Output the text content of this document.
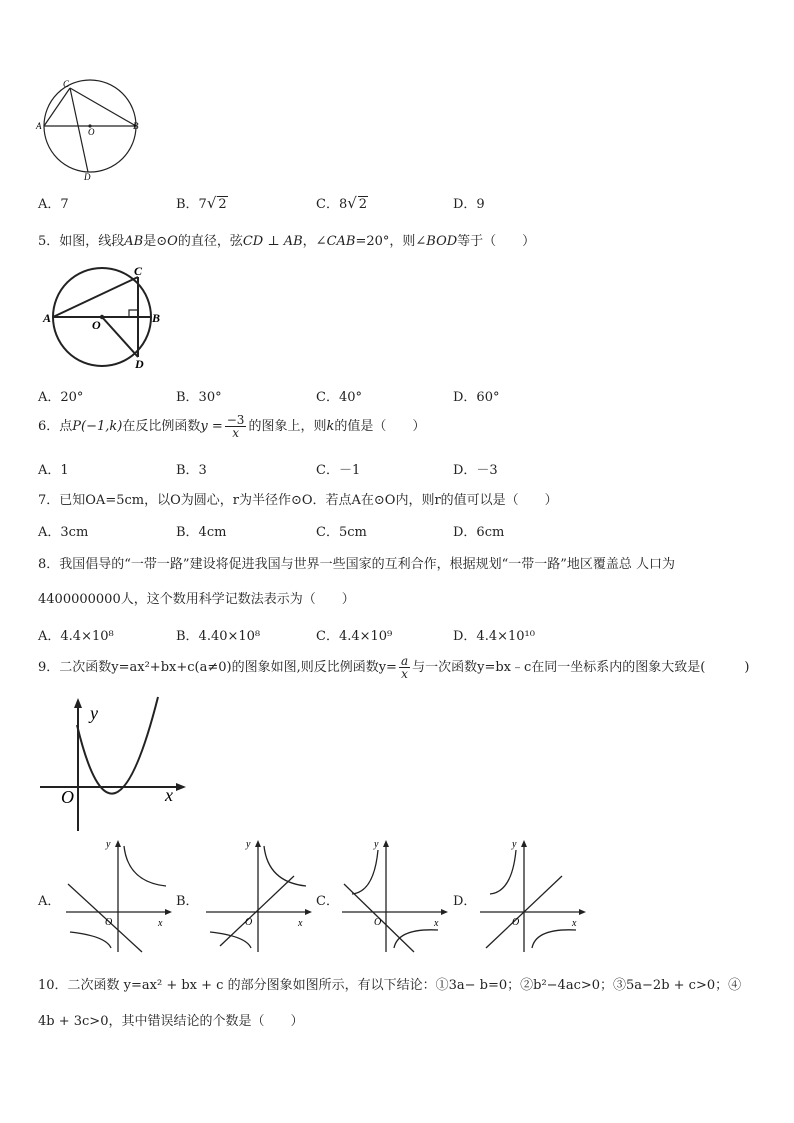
C
A
O
B
D
A．7	B．7√ 2	C．8√ 2	D．9
5．如图，线段AB是⊙O的直径，弦CD ⊥ AB，∠CAB=20°，则∠BOD等于（　　）
C
A	O	B
D
A．20°	B．30°	C．40°	D．60°
6．点P(−1,k)在反比例函数$y = \frac{-3}{x}$ 的图象上，则k的值是（　　）
A．1	B．3	C．－1	D．－3
7．已知OA=5cm，以O为圆心，r为半径作⊙O．若点A在⊙O内，则r的值可以是（　　）
A．3cm	B．4cm	C．5cm	D．6cm
8．我国倡导的“一带一路”建设将促进我国与世界一些国家的互利合作，根据规划“一带一路”地区覆盖总 人口为
4400000000人，这个数用科学记数法表示为（　　）
A．4.4×10⁸	B．4.40×10⁸	C．4.4×10⁹	D．4.4×10¹⁰
9．二次函数y=ax²+bx+c(a≠0)的图象如图,则反比例函数$y= \frac{a}{x}$ 与一次函数y=bx﹣c在同一坐标系内的图象大致是(　　　)
y
O	x
A．
y
O	x
B．
y
O	x
C．
y
O	x
D．
y
O	x
10．二次函数 y=ax² + bx + c 的部分图象如图所示，有以下结论：①3a− b=0；②b²−4ac>0；③5a−2b + c>0；④
4b + 3c>0，其中错误结论的个数是（　　）
